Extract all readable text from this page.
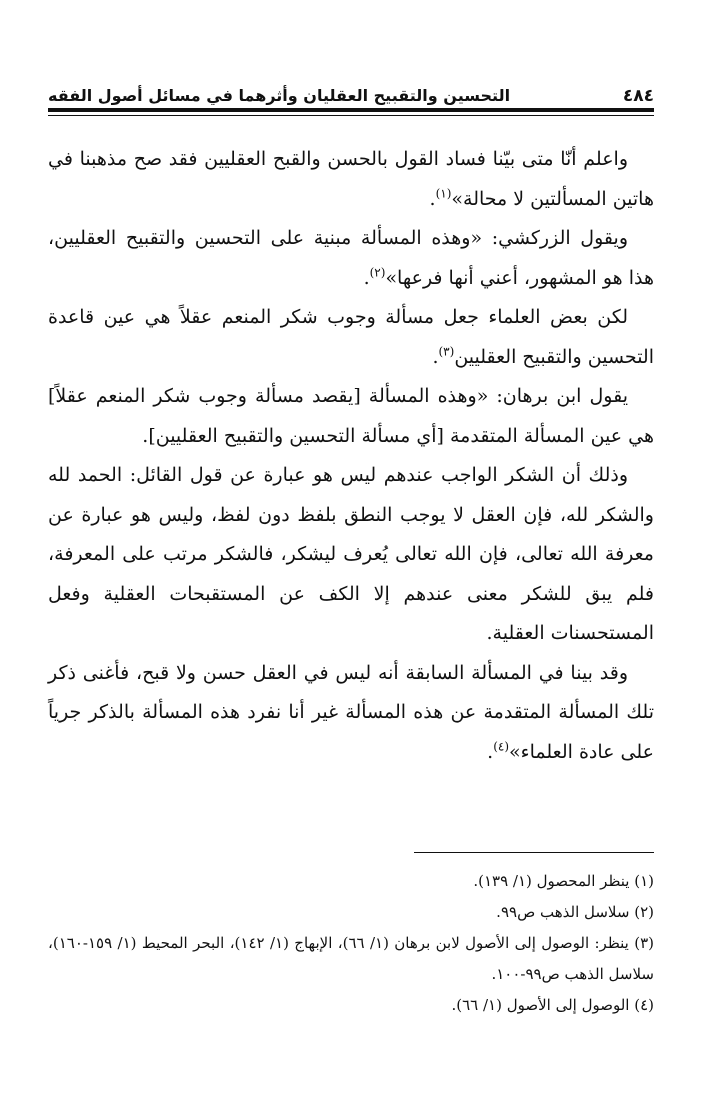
٤٨٤
التحسين والتقبيح العقليان وأثرهما في مسائل أصول الفقه

واعلم أنّا متى بيّنا فساد القول بالحسن والقبح العقليين فقد صح مذهبنا في هاتين المسألتين لا محالة»$^{(١)}$.

ويقول الزركشي: «وهذه المسألة مبنية على التحسين والتقبيح العقليين، هذا هو المشهور، أعني أنها فرعها»$^{(٢)}$.

لكن بعض العلماء جعل مسألة وجوب شكر المنعم عقلاً هي عين قاعدة التحسين والتقبيح العقليين$^{(٣)}$.

يقول ابن برهان: «وهذه المسألة [يقصد مسألة وجوب شكر المنعم عقلاً] هي عين المسألة المتقدمة [أي مسألة التحسين والتقبيح العقليين].

وذلك أن الشكر الواجب عندهم ليس هو عبارة عن قول القائل: الحمد لله والشكر لله، فإن العقل لا يوجب النطق بلفظ دون لفظ، وليس هو عبارة عن معرفة الله تعالى، فإن الله تعالى يُعرف ليشكر، فالشكر مرتب على المعرفة، فلم يبق للشكر معنى عندهم إلا الكف عن المستقبحات العقلية وفعل المستحسنات العقلية.

وقد بينا في المسألة السابقة أنه ليس في العقل حسن ولا قبح، فأغنى ذكر تلك المسألة المتقدمة عن هذه المسألة غير أنا نفرد هذه المسألة بالذكر جرياً على عادة العلماء»$^{(٤)}$.

(١) ينظر المحصول (١/ ١٣٩).

(٢) سلاسل الذهب ص٩٩.

(٣) ينظر: الوصول إلى الأصول لابن برهان (١/ ٦٦)، الإبهاج (١/ ١٤٢)، البحر المحيط (١/ ١٥٩-١٦٠)، سلاسل الذهب ص٩٩-١٠٠.

(٤) الوصول إلى الأصول (١/ ٦٦).
